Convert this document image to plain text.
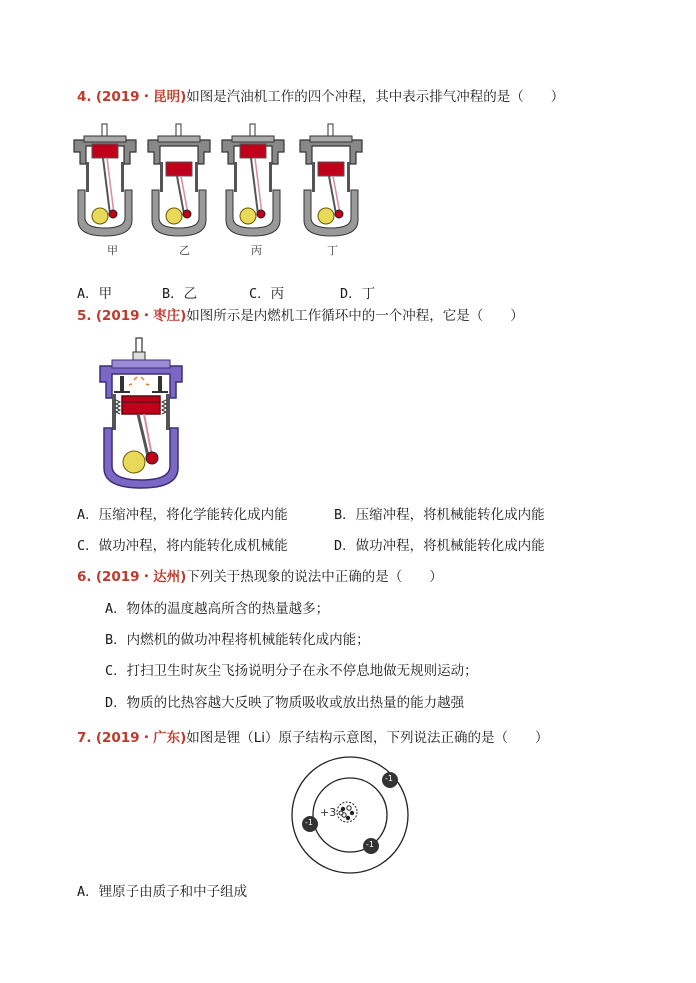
4. (2019・昆明)如图是汽油机工作的四个冲程，其中表示排气冲程的是（　　）
甲	乙	丙	丁
A．甲	B．乙	C．丙	D．丁
5. (2019・枣庄)如图所示是内燃机工作循环中的一个冲程，它是（　　）
A．压缩冲程，将化学能转化成内能	B．压缩冲程，将机械能转化成内能
C．做功冲程，将内能转化成机械能	D．做功冲程，将机械能转化成内能
6. (2019・达州)下列关于热现象的说法中正确的是（　　）
A．物体的温度越高所含的热量越多；
B．内燃机的做功冲程将机械能转化成内能；
C．打扫卫生时灰尘飞扬说明分子在永不停息地做无规则运动；
D．物质的比热容越大反映了物质吸收或放出热量的能力越强
7. (2019・广东)如图是锂（Li）原子结构示意图，下列说法正确的是（　　）
+3
-1
-1
-1
A．锂原子由质子和中子组成
